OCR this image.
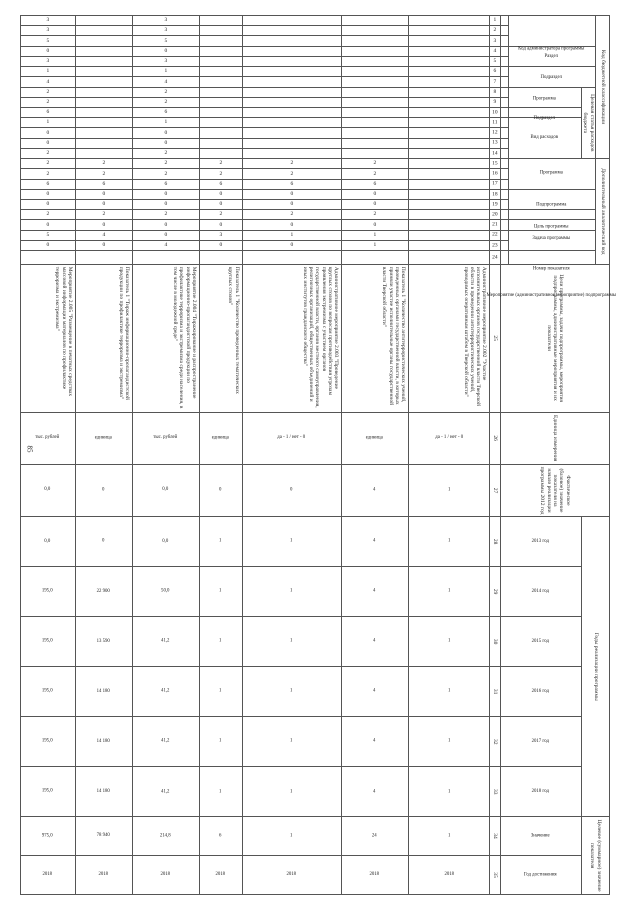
85
Код бюджетной классификации														Дополнительный аналитический код										Цели программы, задачи подпрограммы, мероприятия подпрограммы, административные мероприятия и их показатели	Единица измерения	Фактическое (базовое) значение показателя на начало реализации программы 2012 год	Годы реализации программы						Целевое (суммарное) значение показателя	
Код администратора программы			Раздел		Подраздел		Целевая статья расходов бюджета							Программа			Подпрограмма		Цель программы	Задача программы	Мероприятие (административное мероприятие) подпрограммы		Номер показателя											
							Программа		Подраздел	Вид расходов																	2013 год	2014 год	2015 год	2016 год	2017 год	2018 год	Значение	Год достижения

1	2	3	4	5	6	7	8	9	10	11	12	13	14	15	16	17	18	19	20	21	22	23	24	25	26	27	28	29	30	31	32	33	34	35
																								Административное мероприятие 2.002 "Участие исполнительных органов государственной власти Тверской области в проведении антитеррористических учений, проводимых оперативным штабом в Тверской области"	да - 1 / нет - 0	1	1	1	1	1	1	1	1	2018
														2	2	6	0	0	2	0	1	1		Показатель 1 "Количество антитеррористических учений, проведенных органами государственной власти, в которых приняли участие исполнительные органы государственной власти Тверской области"	единица	4	4	4	4	4	4	4	24	2018
														2	2	6	0	0	2	0	1	0		Административное мероприятие 2.003 "Проведение круглых столов по вопросам противодействия угрозам проявления экстремизма с участием органов государственной власти, органов местного самоуправления, религиозных организаций, общественных объединений и иных институтов гражданского общества"	да - 1 / нет - 0	0	1	1	1	1	1	1	1	2018
														2	2	6	0	0	2	0	3	0		Показатель 1 "Количество проведенных тематических круглых столов"	единица	0	1	1	1	1	1	1	6	2018
3	3	5	0	3	1	4	2	2	6	1	0	0	2	2	2	6	0	0	2	0	0	4		Мероприятие 2.004 "Тиражирование и распространение информационно-пропагандистской продукции по профилактике терроризма и экстремизма среди населения, в том числе в молодежной среде"	тыс. рублей	0,0	0,0	50,0	41,2	41,2	41,2	41,2	214,8	2018
														2	2	6	0	0	2	0	4	0		Показатель 1 "Тираж информационно-пропагандистской продукции по профилактике терроризма и экстремизма"	единица	0	0	22 900	13 590	14 180	14 180	14 180	78 940	2018
3	3	5	0	3	1	4	2	2	6	1	0	0	2	2	2	6	0	0	2	0	5	0		Мероприятие 2.005 "Размещение в печатных средствах массовой информации материалов по профилактике терроризма и экстремизма"	тыс. рублей	0,0	0,0	195,0	195,0	195,0	195,0	195,0	975,0	2018
